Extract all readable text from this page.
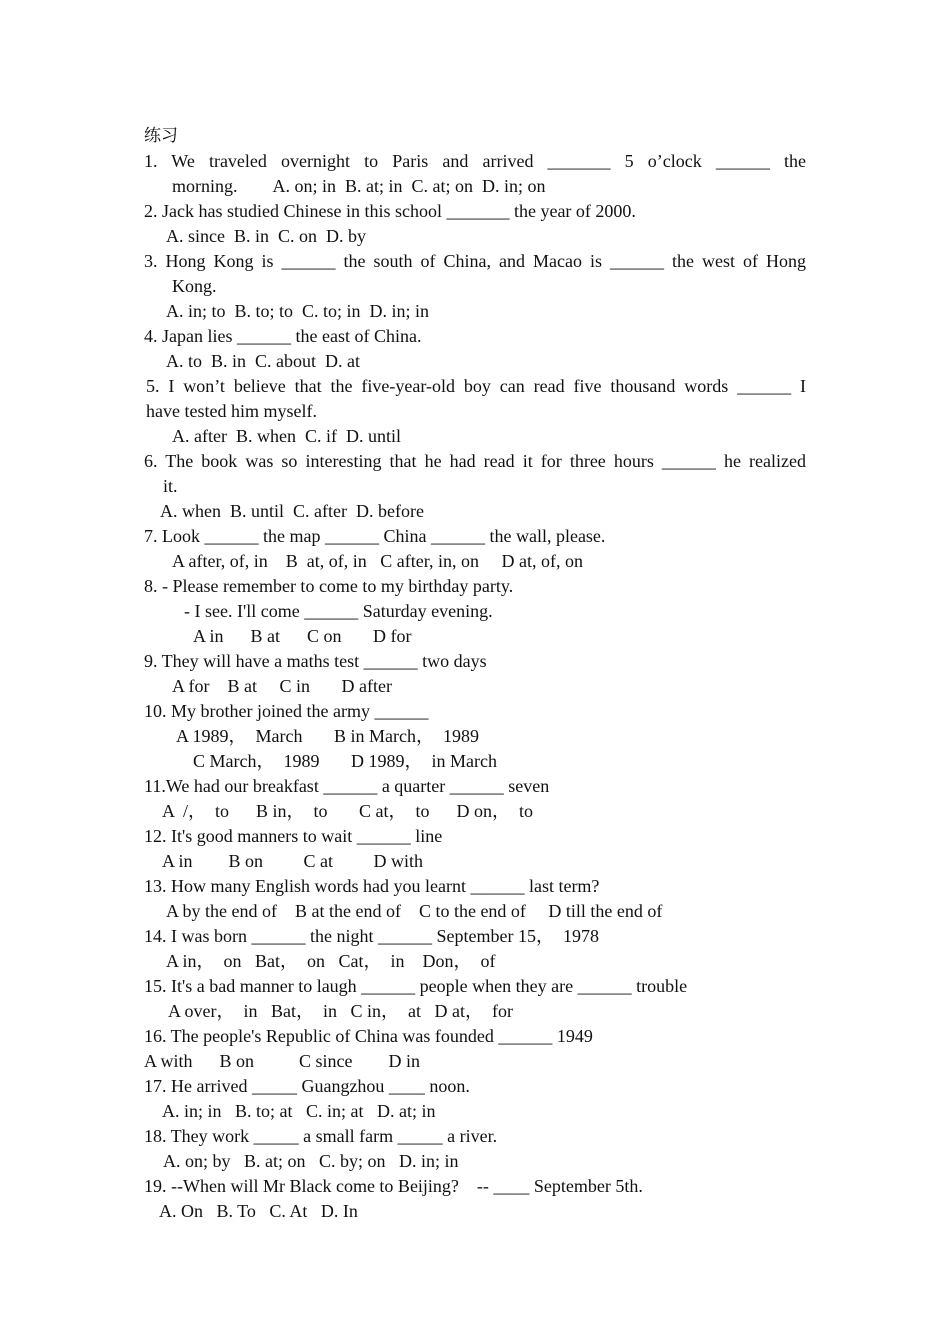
练习
1. We traveled overnight to Paris and arrived _______ 5 o’clock ______ the
morning.        A. on; in  B. at; in  C. at; on  D. in; on
2. Jack has studied Chinese in this school _______ the year of 2000.
A. since  B. in  C. on  D. by
3. Hong Kong is ______ the south of China, and Macao is ______ the west of Hong
Kong.
A. in; to  B. to; to  C. to; in  D. in; in
4. Japan lies ______ the east of China.
A. to  B. in  C. about  D. at
5. I won’t believe that the five-year-old boy can read five thousand words ______ I
have tested him myself.
A. after  B. when  C. if  D. until
6. The book was so interesting that he had read it for three hours ______ he realized
it.
A. when  B. until  C. after  D. before
7. Look ______ the map ______ China ______ the wall, please.
A after, of, in    B  at, of, in   C after, in, on     D at, of, on
8. - Please remember to come to my birthday party.
- I see. I'll come ______ Saturday evening.
A in      B at      C on       D for
9. They will have a maths test ______ two days
A for    B at     C in       D after
10. My brother joined the army ______
A 1989，  March       B in March，  1989
C March，  1989       D 1989，  in March
11.We had our breakfast ______ a quarter ______ seven
A  /，  to      B in，  to       C at，  to      D on，  to
12. It's good manners to wait ______ line
A in        B on         C at         D with
13. How many English words had you learnt ______ last term?
A by the end of    B at the end of    C to the end of     D till the end of
14. I was born ______ the night ______ September 15，  1978
A in，  on   Bat，  on   Cat，  in    Don，  of
15. It's a bad manner to laugh ______ people when they are ______ trouble
A over，  in   Bat，  in   C in，  at   D at，  for
16. The people's Republic of China was founded ______ 1949
A with      B on          C since        D in
17. He arrived _____ Guangzhou ____ noon.
A. in; in   B. to; at   C. in; at   D. at; in
18. They work _____ a small farm _____ a river.
A. on; by   B. at; on   C. by; on   D. in; in
19. --When will Mr Black come to Beijing?    -- ____ September 5th.
A. On   B. To   C. At   D. In
